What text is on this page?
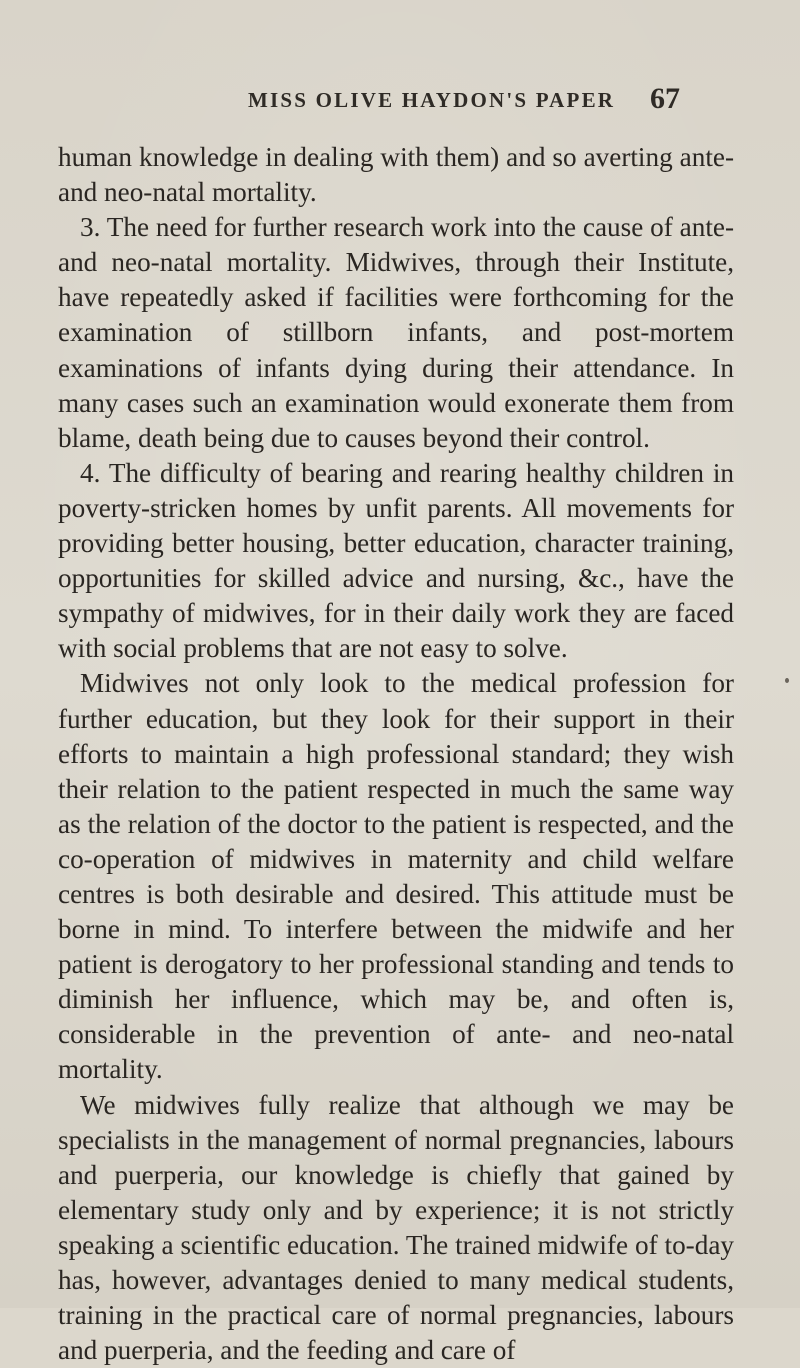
MISS OLIVE HAYDON'S PAPER 67

human knowledge in dealing with them) and so averting ante- and neo-natal mortality.

3. The need for further research work into the cause of ante- and neo-natal mortality. Midwives, through their Institute, have repeatedly asked if facilities were forthcoming for the examination of stillborn infants, and post-mortem examinations of infants dying during their attendance. In many cases such an examination would exonerate them from blame, death being due to causes beyond their control.

4. The difficulty of bearing and rearing healthy children in poverty-stricken homes by unfit parents. All movements for providing better housing, better education, character training, opportunities for skilled advice and nursing, &c., have the sympathy of midwives, for in their daily work they are faced with social problems that are not easy to solve.

Midwives not only look to the medical profession for further education, but they look for their support in their efforts to maintain a high professional standard; they wish their relation to the patient respected in much the same way as the relation of the doctor to the patient is respected, and the co-operation of midwives in maternity and child welfare centres is both desirable and desired. This attitude must be borne in mind. To interfere between the midwife and her patient is derogatory to her professional standing and tends to diminish her influence, which may be, and often is, considerable in the prevention of ante- and neo-natal mortality.

We midwives fully realize that although we may be specialists in the management of normal pregnancies, labours and puerperia, our knowledge is chiefly that gained by elementary study only and by experience; it is not strictly speaking a scientific education. The trained midwife of to-day has, however, advantages denied to many medical students, training in the practical care of normal pregnancies, labours and puerperia, and the feeding and care of
